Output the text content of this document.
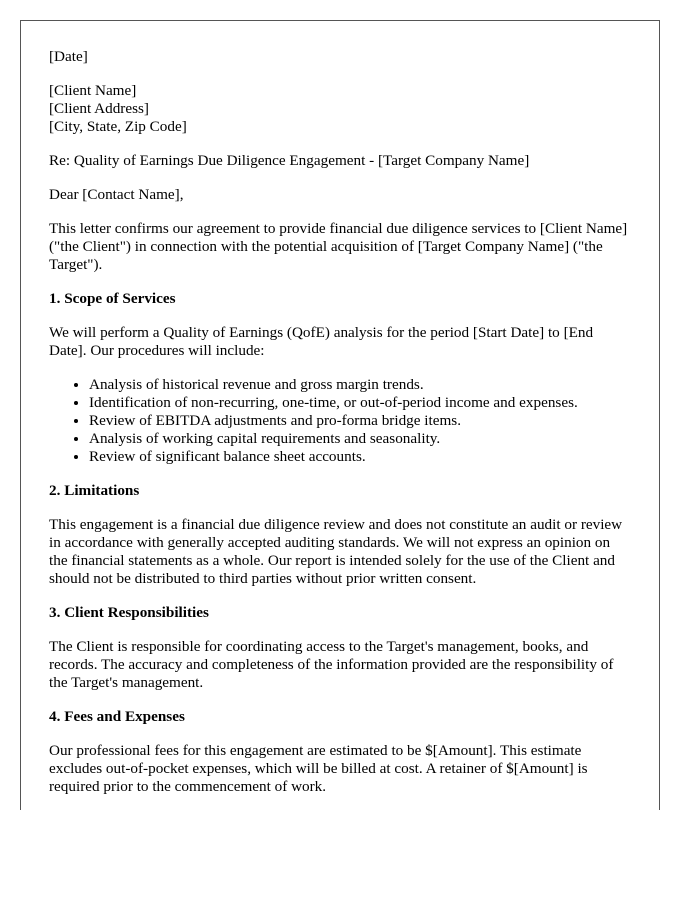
[Date]

[Client Name]
[Client Address]
[City, State, Zip Code]

Re: Quality of Earnings Due Diligence Engagement - [Target Company Name]

Dear [Contact Name],

This letter confirms our agreement to provide financial due diligence services to [Client Name] ("the Client") in connection with the potential acquisition of [Target Company Name] ("the Target").

1. Scope of Services

We will perform a Quality of Earnings (QofE) analysis for the period [Start Date] to [End Date]. Our procedures will include:

• Analysis of historical revenue and gross margin trends.
• Identification of non-recurring, one-time, or out-of-period income and expenses.
• Review of EBITDA adjustments and pro-forma bridge items.
• Analysis of working capital requirements and seasonality.
• Review of significant balance sheet accounts.
2. Limitations

This engagement is a financial due diligence review and does not constitute an audit or review in accordance with generally accepted auditing standards. We will not express an opinion on the financial statements as a whole. Our report is intended solely for the use of the Client and should not be distributed to third parties without prior written consent.

3. Client Responsibilities

The Client is responsible for coordinating access to the Target's management, books, and records. The accuracy and completeness of the information provided are the responsibility of the Target's management.

4. Fees and Expenses

Our professional fees for this engagement are estimated to be $[Amount]. This estimate excludes out-of-pocket expenses, which will be billed at cost. A retainer of $[Amount] is required prior to the commencement of work.
